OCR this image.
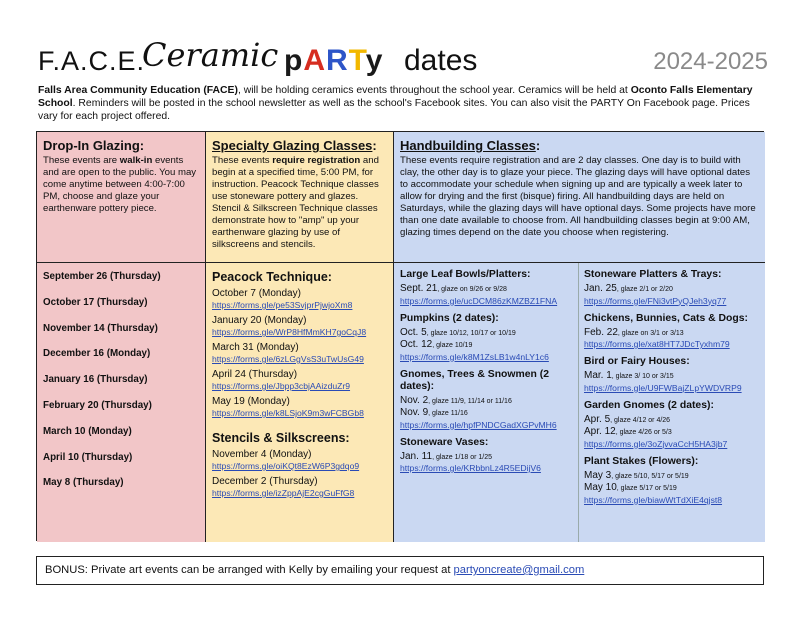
F.A.C.E.
Ceramic pARTy dates	2024-2025
Falls Area Community Education (FACE), will be holding ceramics events throughout the school year. Ceramics will be held at Oconto Falls Elementary School. Reminders will be posted in the school newsletter as well as the school's Facebook sites. You can also visit the PARTY On Facebook page. Prices vary for each project offered.
Drop-In Glazing:
These events are walk-in events and are open to the public. You may come anytime between 4:00-7:00 PM, choose and glaze your earthenware pottery piece.
Specialty Glazing Classes:
These events require registration and begin at a specified time, 5:00 PM, for instruction. Peacock Technique classes use stoneware pottery and glazes. Stencil & Silkscreen Technique classes demonstrate how to "amp" up your earthenware glazing by use of silkscreens and stencils.
Handbuilding Classes:
These events require registration and are 2 day classes. One day is to build with clay, the other day is to glaze your piece. The glazing days will have optional dates to accommodate your schedule when signing up and are typically a week later to allow for drying and the first (bisque) firing. All handbuilding days are held on Saturdays, while the glazing days will have optional days. Some projects have more than one date available to choose from. All handbuilding classes begin at 9:00 AM, glazing times depend on the date you choose when registering.
September 26 (Thursday)
October 17 (Thursday)
November 14 (Thursday)
December 16 (Monday)
January 16 (Thursday)
February 20 (Thursday)
March 10 (Monday)
April 10 (Thursday)
May 8 (Thursday)
Peacock Technique:
October 7 (Monday)
https://forms.gle/pe53SvjprPjwjoXm8
January 20 (Monday)
https://forms.gle/WrP8HfMmKH7goCqJ8
March 31 (Monday)
https://forms.gle/6zLGgVsS3uTwUsG49
April 24 (Thursday)
https://forms.gle/Jbpp3cbjAAizduZr9
May 19 (Monday)
https://forms.gle/k8LSjoK9m3wFCBGb8
Stencils & Silkscreens:
November 4 (Monday)
https://forms.gle/oiKQt8EzW6P3gdqo9
December 2 (Thursday)
https://forms.gle/izZppAjE2cgGuFfG8
Large Leaf Bowls/Platters:
Sept. 21, glaze on 9/26 or 9/28
https://forms.gle/ucDCM86zKMZBZ1FNA
Pumpkins (2 dates):
Oct. 5, glaze 10/12, 10/17 or 10/19
Oct. 12, glaze 10/19
https://forms.gle/k8M1ZsLB1w4nLY1c6
Gnomes, Trees & Snowmen (2 dates):
Nov. 2, glaze 11/9, 11/14 or 11/16
Nov. 9, glaze 11/16
https://forms.gle/hpfPNDCGadXGPvMH6
Stoneware Vases:
Jan. 11, glaze 1/18 or 1/25
https://forms.gle/KRbbnLz4R5EDijV6
Stoneware Platters & Trays:
Jan. 25, glaze 2/1 or 2/20
https://forms.gle/FNi3vtPyQJeh3yq77
Chickens, Bunnies, Cats & Dogs:
Feb. 22, glaze on 3/1 or 3/13
https://forms.gle/xat8HT7JDcTyxhm79
Bird or Fairy Houses:
Mar. 1, glaze 3/ 10 or 3/15
https://forms.gle/U9FWBajZLpYWDVRP9
Garden Gnomes (2 dates):
Apr. 5, glaze 4/12 or 4/26
Apr. 12, glaze 4/26 or 5/3
https://forms.gle/3oZjvvaCcH5HA3jb7
Plant Stakes (Flowers):
May 3, glaze 5/10, 5/17 or 5/19
May 10, glaze 5/17 or 5/19
https://forms.gle/biawWtTdXiE4qjst8
BONUS: Private art events can be arranged with Kelly by emailing your request at partyoncreate@gmail.com
